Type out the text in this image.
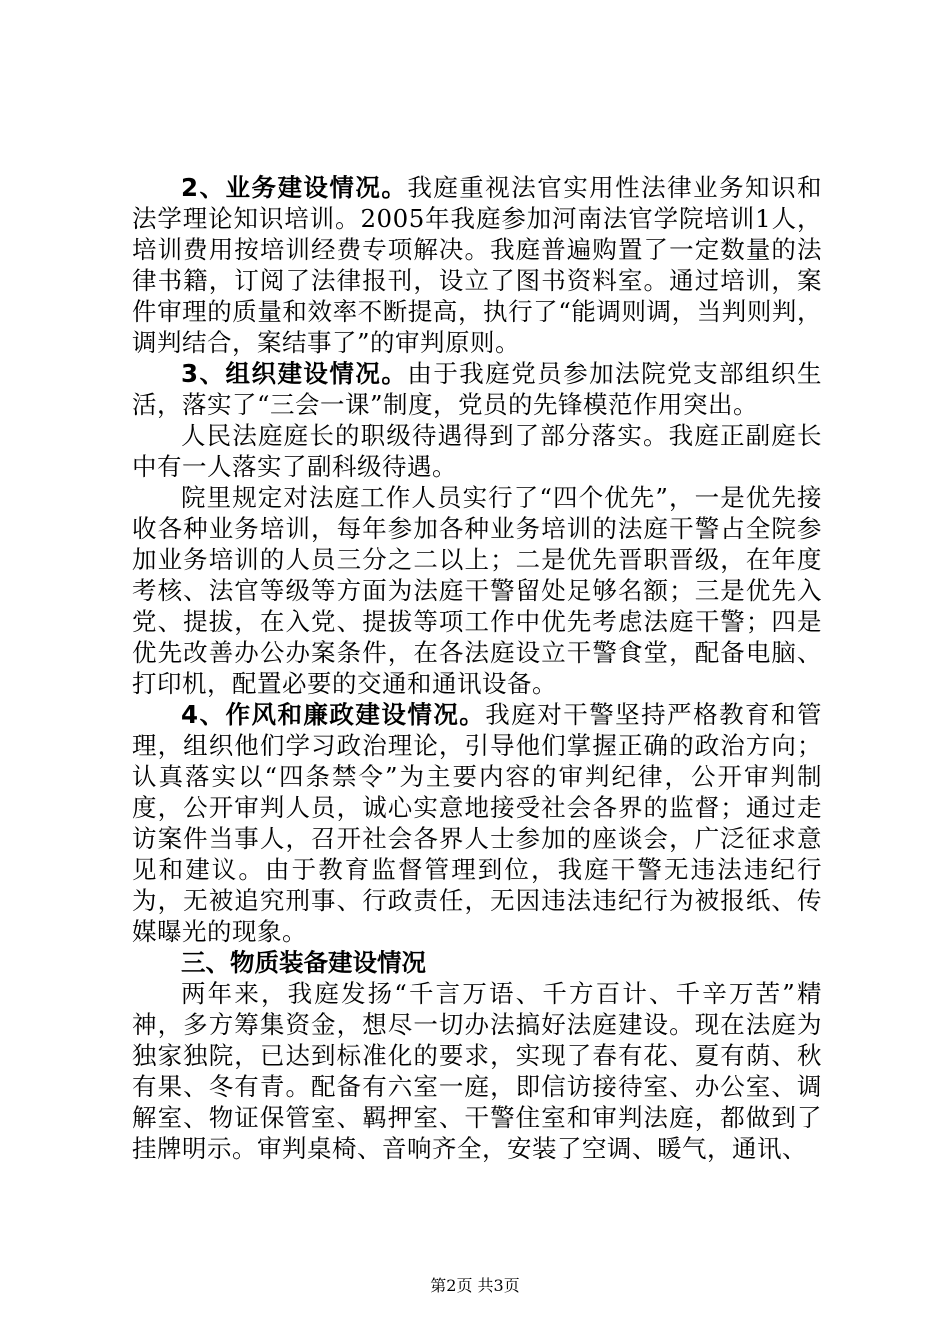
2、业务建设情况。我庭重视法官实用性法律业务知识和法学理论知识培训。2005年我庭参加河南法官学院培训1人，培训费用按培训经费专项解决。我庭普遍购置了一定数量的法律书籍，订阅了法律报刊，设立了图书资料室。通过培训，案件审理的质量和效率不断提高，执行了“能调则调，当判则判，调判结合，案结事了”的审判原则。

3、组织建设情况。由于我庭党员参加法院党支部组织生活，落实了“三会一课”制度，党员的先锋模范作用突出。

人民法庭庭长的职级待遇得到了部分落实。我庭正副庭长中有一人落实了副科级待遇。

院里规定对法庭工作人员实行了“四个优先”，一是优先接收各种业务培训，每年参加各种业务培训的法庭干警占全院参加业务培训的人员三分之二以上；二是优先晋职晋级，在年度考核、法官等级等方面为法庭干警留处足够名额；三是优先入党、提拔，在入党、提拔等项工作中优先考虑法庭干警；四是优先改善办公办案条件，在各法庭设立干警食堂，配备电脑、打印机，配置必要的交通和通讯设备。

4、作风和廉政建设情况。我庭对干警坚持严格教育和管理，组织他们学习政治理论，引导他们掌握正确的政治方向；认真落实以“四条禁令”为主要内容的审判纪律，公开审判制度，公开审判人员，诚心实意地接受社会各界的监督；通过走访案件当事人，召开社会各界人士参加的座谈会，广泛征求意见和建议。由于教育监督管理到位，我庭干警无违法违纪行为，无被追究刑事、行政责任，无因违法违纪行为被报纸、传媒曝光的现象。

三、物质装备建设情况

两年来，我庭发扬“千言万语、千方百计、千辛万苦”精神，多方筹集资金，想尽一切办法搞好法庭建设。现在法庭为独家独院，已达到标准化的要求，实现了春有花、夏有荫、秋有果、冬有青。配备有六室一庭，即信访接待室、办公室、调解室、物证保管室、羁押室、干警住室和审判法庭，都做到了挂牌明示。审判桌椅、音响齐全，安装了空调、暖气，通讯、

第2页 共3页
